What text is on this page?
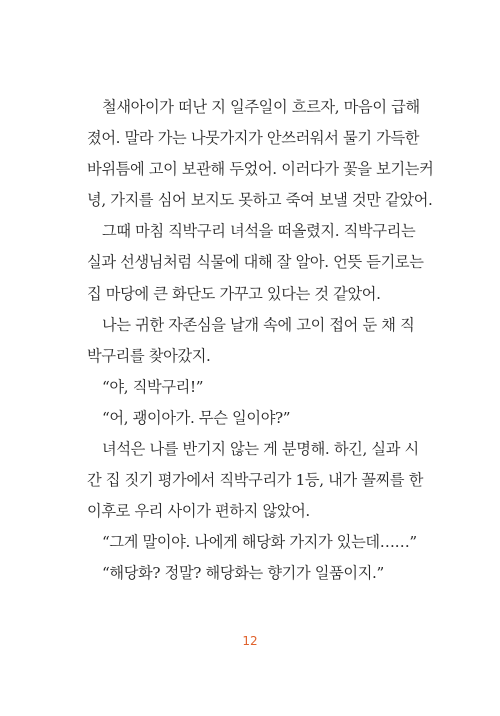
철새아이가 떠난 지 일주일이 흐르자, 마음이 급해
졌어. 말라 가는 나뭇가지가 안쓰러워서 물기 가득한
바위틈에 고이 보관해 두었어. 이러다가 꽃을 보기는커
녕, 가지를 심어 보지도 못하고 죽여 보낼 것만 같았어.
그때 마침 직박구리 녀석을 떠올렸지. 직박구리는
실과 선생님처럼 식물에 대해 잘 알아. 언뜻 듣기로는
집 마당에 큰 화단도 가꾸고 있다는 것 같았어.
나는 귀한 자존심을 날개 속에 고이 접어 둔 채 직
박구리를 찾아갔지.
“야, 직박구리!”
“어, 괭이아가. 무슨 일이야?”
녀석은 나를 반기지 않는 게 분명해. 하긴, 실과 시
간 집 짓기 평가에서 직박구리가 1등, 내가 꼴찌를 한
이후로 우리 사이가 편하지 않았어.
“그게 말이야. 나에게 해당화 가지가 있는데……”
“해당화? 정말? 해당화는 향기가 일품이지.”
12
